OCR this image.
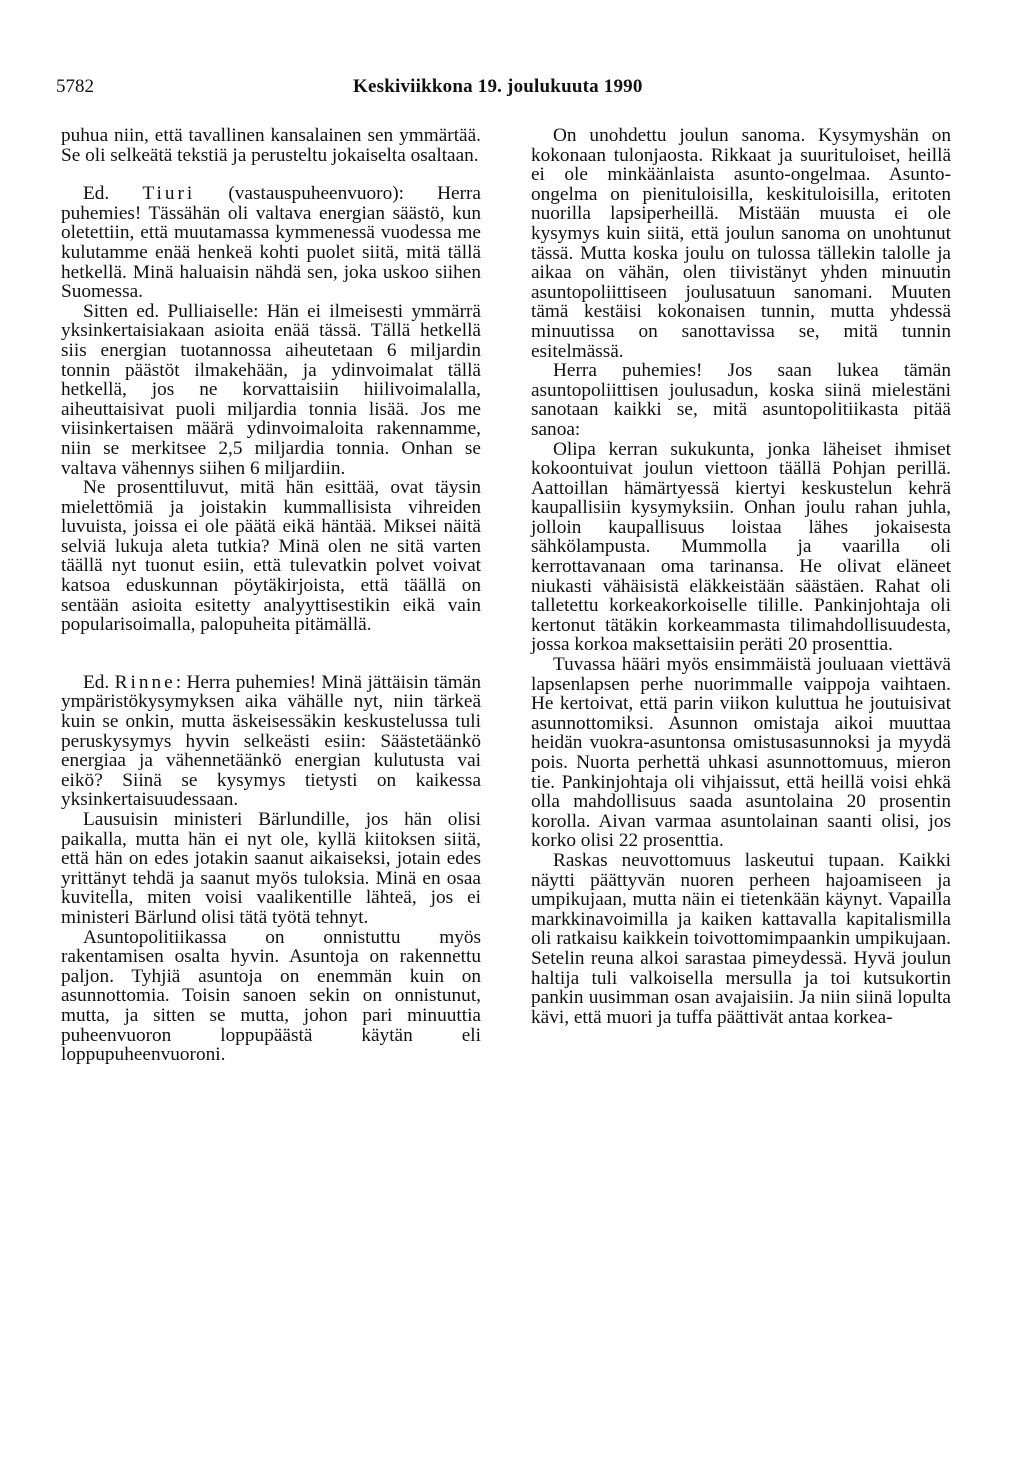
5782	Keskiviikkona 19. joulukuuta 1990

puhua niin, että tavallinen kansalainen sen ymmärtää. Se oli selkeätä tekstiä ja perusteltu jokaiselta osaltaan.

Ed. Tiuri (vastauspuheenvuoro): Herra puhemies! Tässähän oli valtava energian säästö, kun oletettiin, että muutamassa kymmenessä vuodessa me kulutamme enää henkeä kohti puolet siitä, mitä tällä hetkellä. Minä haluaisin nähdä sen, joka uskoo siihen Suomessa.

Sitten ed. Pulliaiselle: Hän ei ilmeisesti ymmärrä yksinkertaisiakaan asioita enää tässä. Tällä hetkellä siis energian tuotannossa aiheutetaan 6 miljardin tonnin päästöt ilmakehään, ja ydinvoimalat tällä hetkellä, jos ne korvattaisiin hiilivoimalalla, aiheuttaisivat puoli miljardia tonnia lisää. Jos me viisinkertaisen määrä ydinvoimaloita rakennamme, niin se merkitsee 2,5 miljardia tonnia. Onhan se valtava vähennys siihen 6 miljardiin.

Ne prosenttiluvut, mitä hän esittää, ovat täysin mielettömiä ja joistakin kummallisista vihreiden luvuista, joissa ei ole päätä eikä häntää. Miksei näitä selviä lukuja aleta tutkia? Minä olen ne sitä varten täällä nyt tuonut esiin, että tulevatkin polvet voivat katsoa eduskunnan pöytäkirjoista, että täällä on sentään asioita esitetty analyyttisestikin eikä vain popularisoimalla, palopuheita pitämällä.

Ed. Rinne: Herra puhemies! Minä jättäisin tämän ympäristökysymyksen aika vähälle nyt, niin tärkeä kuin se onkin, mutta äskeisessäkin keskustelussa tuli peruskysymys hyvin selkeästi esiin: Säästetäänkö energiaa ja vähennetäänkö energian kulutusta vai eikö? Siinä se kysymys tietysti on kaikessa yksinkertaisuudessaan.

Lausuisin ministeri Bärlundille, jos hän olisi paikalla, mutta hän ei nyt ole, kyllä kiitoksen siitä, että hän on edes jotakin saanut aikaiseksi, jotain edes yrittänyt tehdä ja saanut myös tuloksia. Minä en osaa kuvitella, miten voisi vaalikentille lähteä, jos ei ministeri Bärlund olisi tätä työtä tehnyt.

Asuntopolitiikassa on onnistuttu myös rakentamisen osalta hyvin. Asuntoja on rakennettu paljon. Tyhjiä asuntoja on enemmän kuin on asunnottomia. Toisin sanoen sekin on onnistunut, mutta, ja sitten se mutta, johon pari minuuttia puheenvuoron loppupäästä käytän eli loppupuheenvuoroni.

On unohdettu joulun sanoma. Kysymyshän on kokonaan tulonjaosta. Rikkaat ja suurituloiset, heillä ei ole minkäänlaista asunto-ongelmaa. Asunto-ongelma on pienituloisilla, keskituloisilla, eritoten nuorilla lapsiperheillä. Mistään muusta ei ole kysymys kuin siitä, että joulun sanoma on unohtunut tässä. Mutta koska joulu on tulossa tällekin talolle ja aikaa on vähän, olen tiivistänyt yhden minuutin asuntopoliittiseen joulusatuun sanomani. Muuten tämä kestäisi kokonaisen tunnin, mutta yhdessä minuutissa on sanottavissa se, mitä tunnin esitelmässä.

Herra puhemies! Jos saan lukea tämän asuntopoliittisen joulusadun, koska siinä mielestäni sanotaan kaikki se, mitä asuntopolitiikasta pitää sanoa:

Olipa kerran sukukunta, jonka läheiset ihmiset kokoontuivat joulun viettoon täällä Pohjan perillä. Aattoillan hämärtyessä kiertyi keskustelun kehrä kaupallisiin kysymyksiin. Onhan joulu rahan juhla, jolloin kaupallisuus loistaa lähes jokaisesta sähkölampusta. Mummolla ja vaarilla oli kerrottavanaan oma tarinansa. He olivat eläneet niukasti vähäisistä eläkkeistään säästäen. Rahat oli talletettu korkeakorkoiselle tilille. Pankinjohtaja oli kertonut tätäkin korkeammasta tilimahdollisuudesta, jossa korkoa maksettaisiin peräti 20 prosenttia.

Tuvassa hääri myös ensimmäistä jouluaan viettävä lapsenlapsen perhe nuorimmalle vaippoja vaihtaen. He kertoivat, että parin viikon kuluttua he joutuisivat asunnottomiksi. Asunnon omistaja aikoi muuttaa heidän vuokra-asuntonsa omistusasunnoksi ja myydä pois. Nuorta perhettä uhkasi asunnottomuus, mieron tie. Pankinjohtaja oli vihjaissut, että heillä voisi ehkä olla mahdollisuus saada asuntolaina 20 prosentin korolla. Aivan varmaa asuntolainan saanti olisi, jos korko olisi 22 prosenttia.

Raskas neuvottomuus laskeutui tupaan. Kaikki näytti päättyvän nuoren perheen hajoamiseen ja umpikujaan, mutta näin ei tietenkään käynyt. Vapailla markkinavoimilla ja kaiken kattavalla kapitalismilla oli ratkaisu kaikkein toivottomimpaankin umpikujaan. Setelin reuna alkoi sarastaa pimeydessä. Hyvä joulun haltija tuli valkoisella mersulla ja toi kutsukortin pankin uusimman osan avajaisiin. Ja niin siinä lopulta kävi, että muori ja tuffa päättivät antaa korkea-
